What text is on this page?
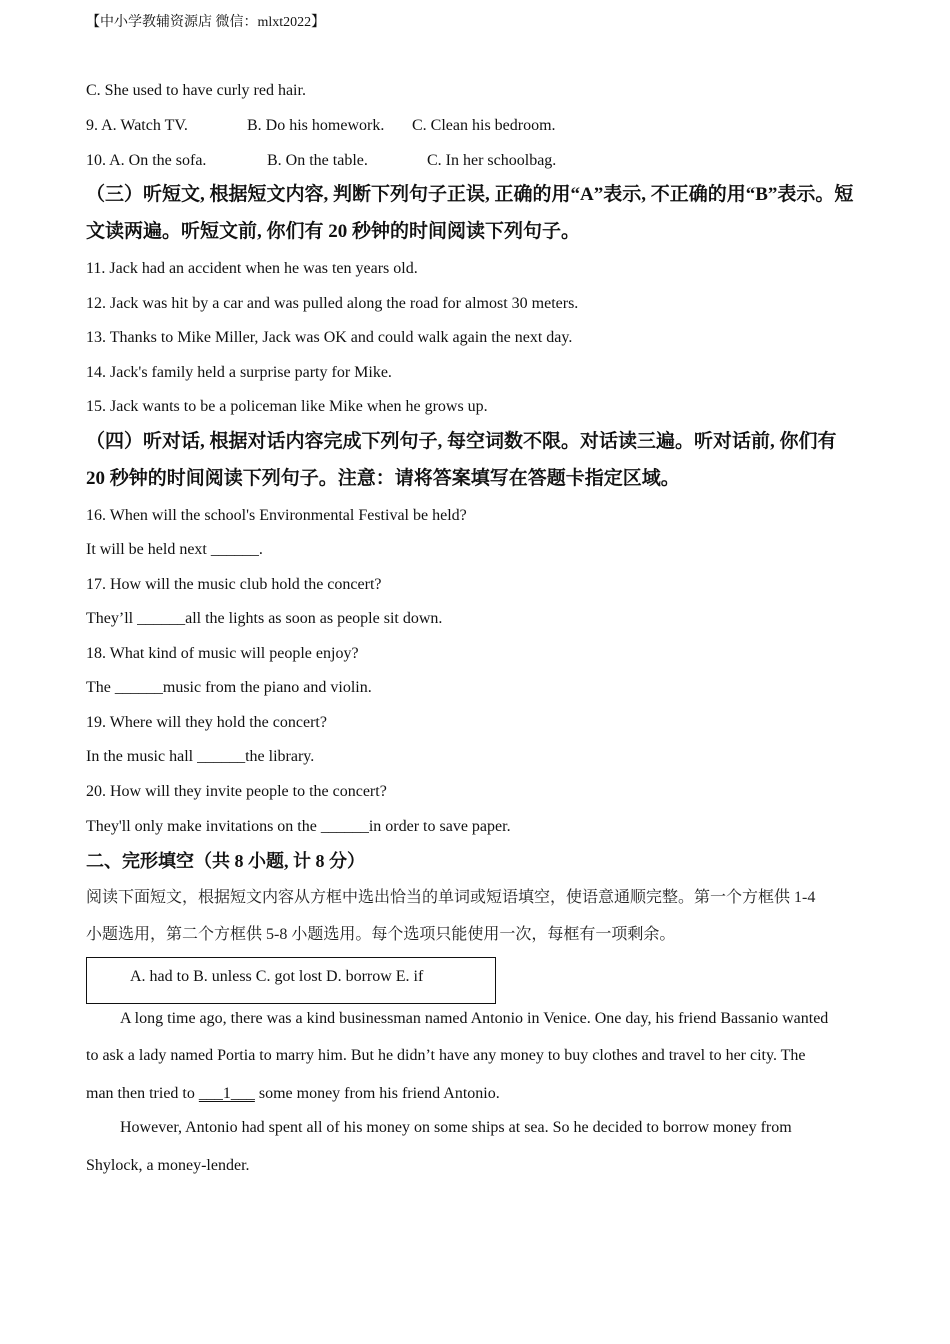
【中小学教辅资源店 微信：mlxt2022】
C. She used to have curly red hair.
9. A. Watch TV.	B. Do his homework. C. Clean his bedroom.
10. A. On the sofa.	B. On the table.	C. In her schoolbag.
（三）听短文, 根据短文内容, 判断下列句子正误, 正确的用“A”表示, 不正确的用“B”表示。短
文读两遍。听短文前, 你们有 20 秒钟的时间阅读下列句子。
11. Jack had an accident when he was ten years old.
12. Jack was hit by a car and was pulled along the road for almost 30 meters.
13. Thanks to Mike Miller, Jack was OK and could walk again the next day.
14. Jack's family held a surprise party for Mike.
15. Jack wants to be a policeman like Mike when he grows up.
（四）听对话, 根据对话内容完成下列句子, 每空词数不限。对话读三遍。听对话前, 你们有
20 秒钟的时间阅读下列句子。注意：请将答案填写在答题卡指定区域。
16. When will the school's Environmental Festival be held?
It will be held next ______.
17. How will the music club hold the concert?
They’ll ______all the lights as soon as people sit down.
18. What kind of music will people enjoy?
The ______music from the piano and violin.
19. Where will they hold the concert?
In the music hall ______the library.
20. How will they invite people to the concert?
They'll only make invitations on the ______in order to save paper.
二、完形填空（共 8 小题, 计 8 分）
阅读下面短文，根据短文内容从方框中选出恰当的单词或短语填空，使语意通顺完整。第一个方框供 1-4
小题选用，第二个方框供 5-8 小题选用。每个选项只能使用一次，每框有一项剩余。
A. had to B. unless C. got lost D. borrow E. if
A long time ago, there was a kind businessman named Antonio in Venice. One day, his friend Bassanio wanted
to ask a lady named Portia to marry him. But he didn’t have any money to buy clothes and travel to her city. The
man then tried to ___1___ some money from his friend Antonio.
However, Antonio had spent all of his money on some ships at sea. So he decided to borrow money from
Shylock, a money-lender.
